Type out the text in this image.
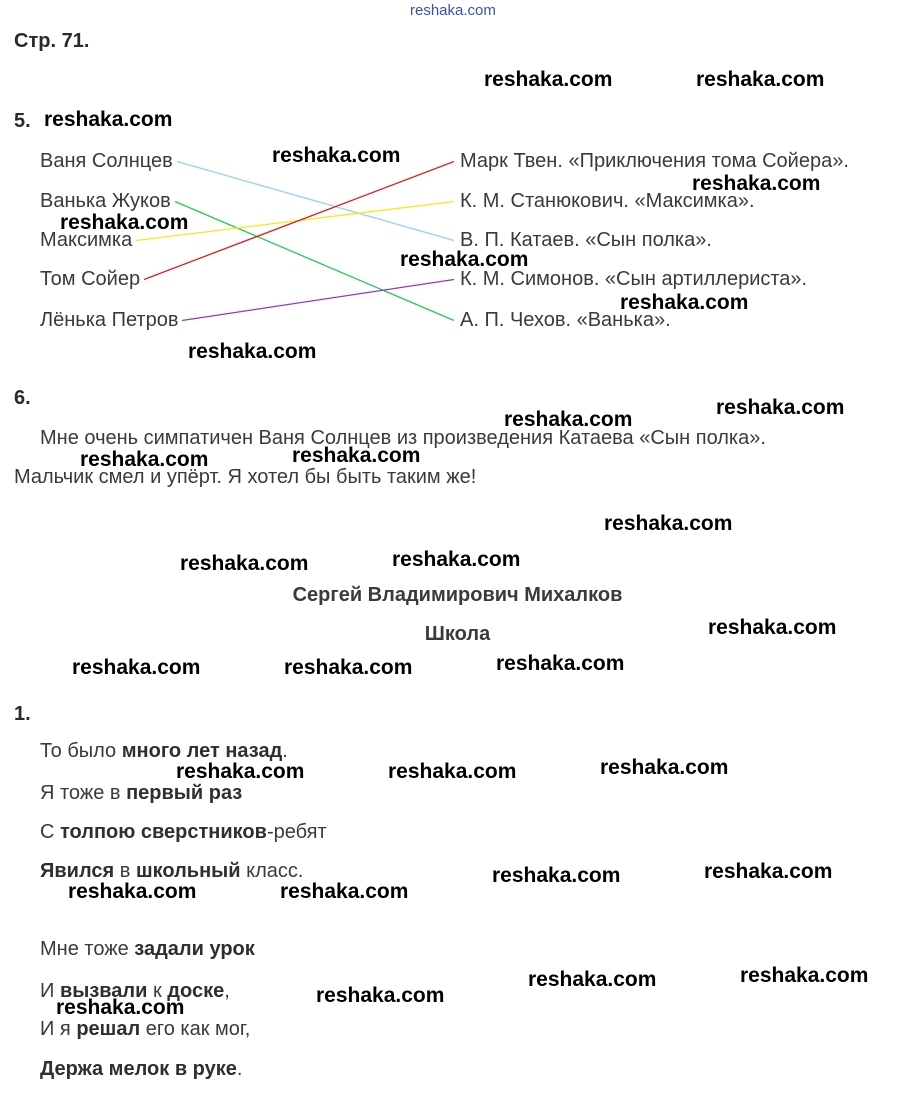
reshaka.com
Стр. 71.
5.
Ваня Солнцев
Ванька Жуков
Максимка
Том Сойер
Лёнька Петров
Марк Твен. «Приключения тома Сойера».
К. М. Станюкович. «Максимка».
В. П. Катаев. «Сын полка».
К. М. Симонов. «Сын артиллериста».
А. П. Чехов. «Ванька».
6.
Мне очень симпатичен Ваня Солнцев из произведения Катаева «Сын полка».
Мальчик смел и упёрт. Я хотел бы быть таким же!
Сергей Владимирович Михалков
Школа
1.
То было много лет назад.
Я тоже в первый раз
С толпою сверстников-ребят
Явился в школьный класс.
Мне тоже задали урок
И вызвали к доске,
И я решал его как мог,
Держа мелок в руке.
reshaka.com	reshaka.com
reshaka.com
reshaka.com
reshaka.com
reshaka.com
reshaka.com
reshaka.com
reshaka.com
reshaka.com
reshaka.com
reshaka.com
reshaka.com
reshaka.com
reshaka.com
reshaka.com
reshaka.com
reshaka.com
reshaka.com
reshaka.com
reshaka.com
reshaka.com
reshaka.com
reshaka.com
reshaka.com
reshaka.com
reshaka.com
reshaka.com
reshaka.com
reshaka.com
reshaka.com
